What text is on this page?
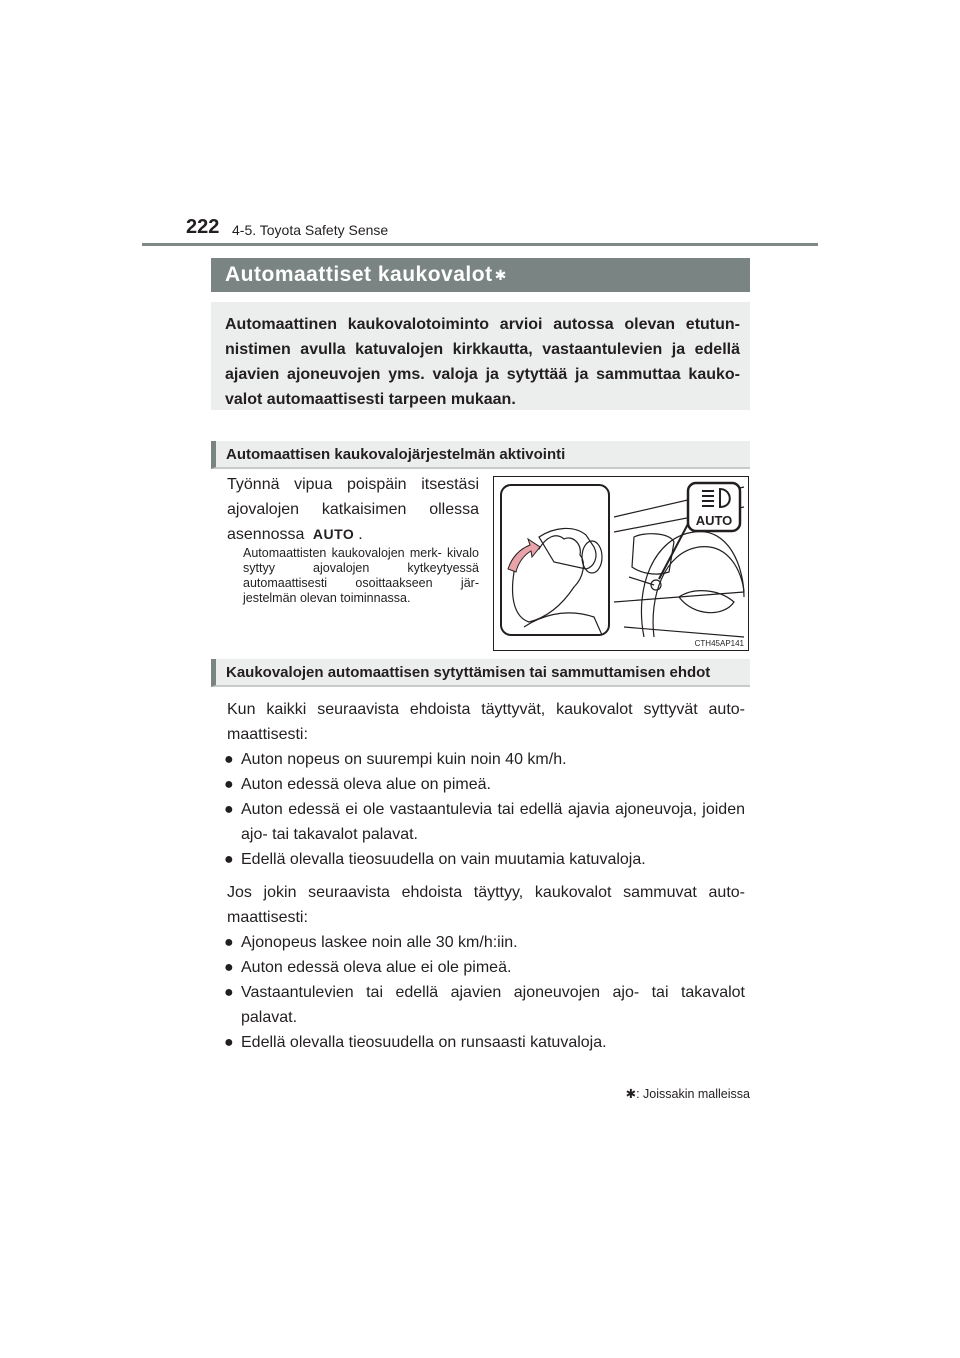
222 4-5. Toyota Safety Sense
Automaattiset kaukovalot ✱
Automaattinen kaukovalotoiminto arvioi autossa olevan etutun- nistimen avulla katuvalojen kirkkautta, vastaantulevien ja edellä ajavien ajoneuvojen yms. valoja ja sytyttää ja sammuttaa kauko- valot automaattisesti tarpeen mukaan.
Automaattisen kaukovalojärjestelmän aktivointi
Työnnä vipua poispäin itsestäsi ajovalojen katkaisimen ollessa asennossa AUTO .
Automaattisten kaukovalojen merk- kivalo syttyy ajovalojen kytkeytyessä automaattisesti osoittaakseen jär- jestelmän olevan toiminnassa.
AUTO
CTH45AP141
Kaukovalojen automaattisen sytyttämisen tai sammuttamisen ehdot
Kun kaikki seuraavista ehdoista täyttyvät, kaukovalot syttyvät auto- maattisesti:
● Auton nopeus on suurempi kuin noin 40 km/h.
● Auton edessä oleva alue on pimeä.
● Auton edessä ei ole vastaantulevia tai edellä ajavia ajoneuvoja, joiden ajo- tai takavalot palavat.
● Edellä olevalla tieosuudella on vain muutamia katuvaloja.
Jos jokin seuraavista ehdoista täyttyy, kaukovalot sammuvat auto- maattisesti:
● Ajonopeus laskee noin alle 30 km/h:iin.
● Auton edessä oleva alue ei ole pimeä.
● Vastaantulevien tai edellä ajavien ajoneuvojen ajo- tai takavalot palavat.
● Edellä olevalla tieosuudella on runsaasti katuvaloja.
✱: Joissakin malleissa
